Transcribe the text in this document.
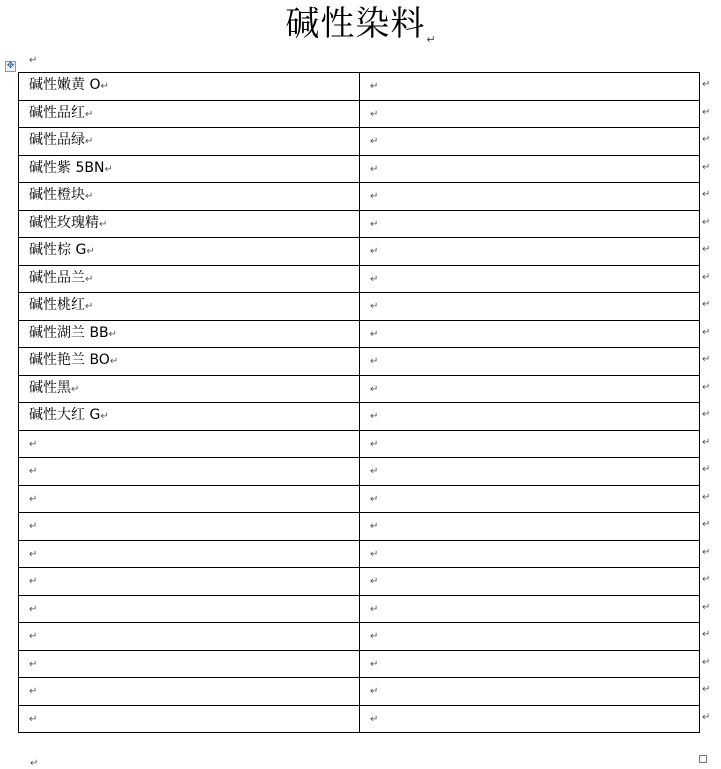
碱性染料$_↵$
✥ ↵
碱性嫩黄 O↵	↵
碱性品红↵	↵
碱性品绿↵	↵
碱性紫 5BN↵	↵
碱性橙块↵	↵
碱性玫瑰精↵	↵
碱性棕 G↵	↵
碱性品兰↵	↵
碱性桃红↵	↵
碱性湖兰 BB↵	↵
碱性艳兰 BO↵	↵
碱性黑↵	↵
碱性大红 G↵	↵
↵	↵
↵	↵
↵	↵
↵	↵
↵	↵
↵	↵
↵	↵
↵	↵
↵	↵
↵	↵
↵	↵
↵
↵
↵
↵
↵
↵
↵
↵
↵
↵
↵
↵
↵
↵
↵
↵
↵
↵
↵
↵
↵
↵
↵
↵
↵
